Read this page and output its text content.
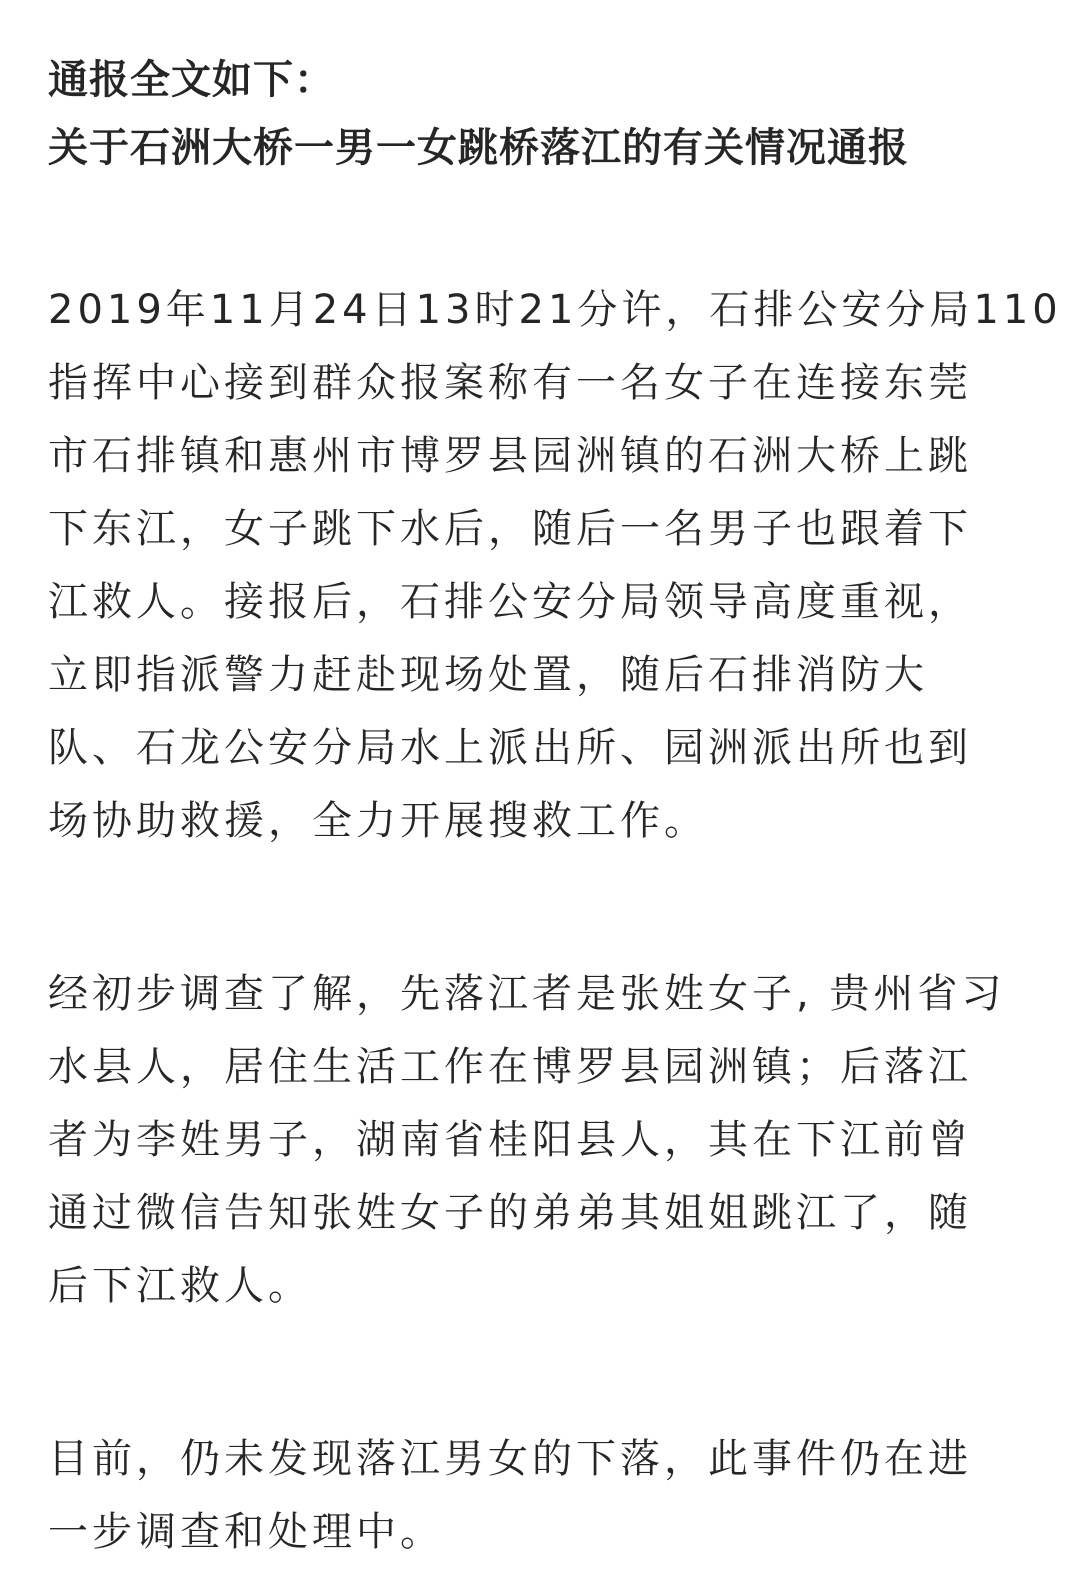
通报全文如下：
关于石洲大桥一男一女跳桥落江的有关情况通报

2019年11月24日13时21分许，石排公安分局110
指挥中心接到群众报案称有一名女子在连接东莞
市石排镇和惠州市博罗县园洲镇的石洲大桥上跳
下东江，女子跳下水后，随后一名男子也跟着下
江救人。接报后，石排公安分局领导高度重视，
立即指派警力赶赴现场处置，随后石排消防大
队、石龙公安分局水上派出所、园洲派出所也到
场协助救援，全力开展搜救工作。

经初步调查了解，先落江者是张姓女子, 贵州省习
水县人，居住生活工作在博罗县园洲镇；后落江
者为李姓男子，湖南省桂阳县人，其在下江前曾
通过微信告知张姓女子的弟弟其姐姐跳江了，随
后下江救人。

目前，仍未发现落江男女的下落，此事件仍在进
一步调查和处理中。
